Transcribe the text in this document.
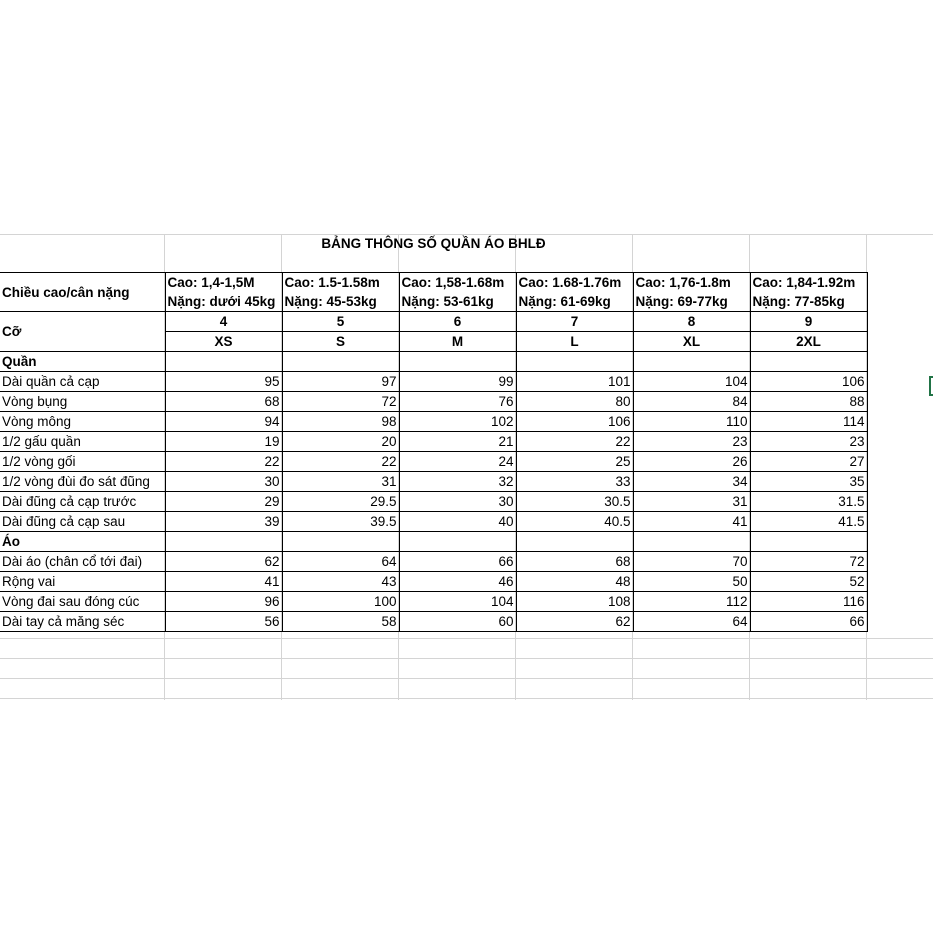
BẢNG THÔNG SỐ QUẦN ÁO BHLĐ						

Chiều cao/cân nặng	Cao: 1,4-1,5M	Cao: 1.5-1.58m	Cao: 1,58-1.68m	Cao: 1.68-1.76m	Cao: 1,76-1.8m	Cao: 1,84-1.92m
	Nặng: dưới 45kg	Nặng: 45-53kg	Nặng: 53-61kg	Nặng: 61-69kg	Nặng: 69-77kg	Nặng: 77-85kg
Cỡ	4	5	6	7	8	9
	XS	S	M	L	XL	2XL
Quần						
Dài quần cả cạp	95	97	99	101	104	106
Vòng bụng	68	72	76	80	84	88
Vòng mông	94	98	102	106	110	114
1/2 gấu quần	19	20	21	22	23	23
1/2 vòng gối	22	22	24	25	26	27
1/2 vòng đùi đo sát đũng	30	31	32	33	34	35
Dài đũng cả cạp trước	29	29.5	30	30.5	31	31.5
Dài đũng cả cạp sau	39	39.5	40	40.5	41	41.5
Áo						
Dài áo (chân cổ tới đai)	62	64	66	68	70	72
Rộng vai	41	43	46	48	50	52
Vòng đai sau đóng cúc	96	100	104	108	112	116
Dài tay cả măng séc	56	58	60	62	64	66
